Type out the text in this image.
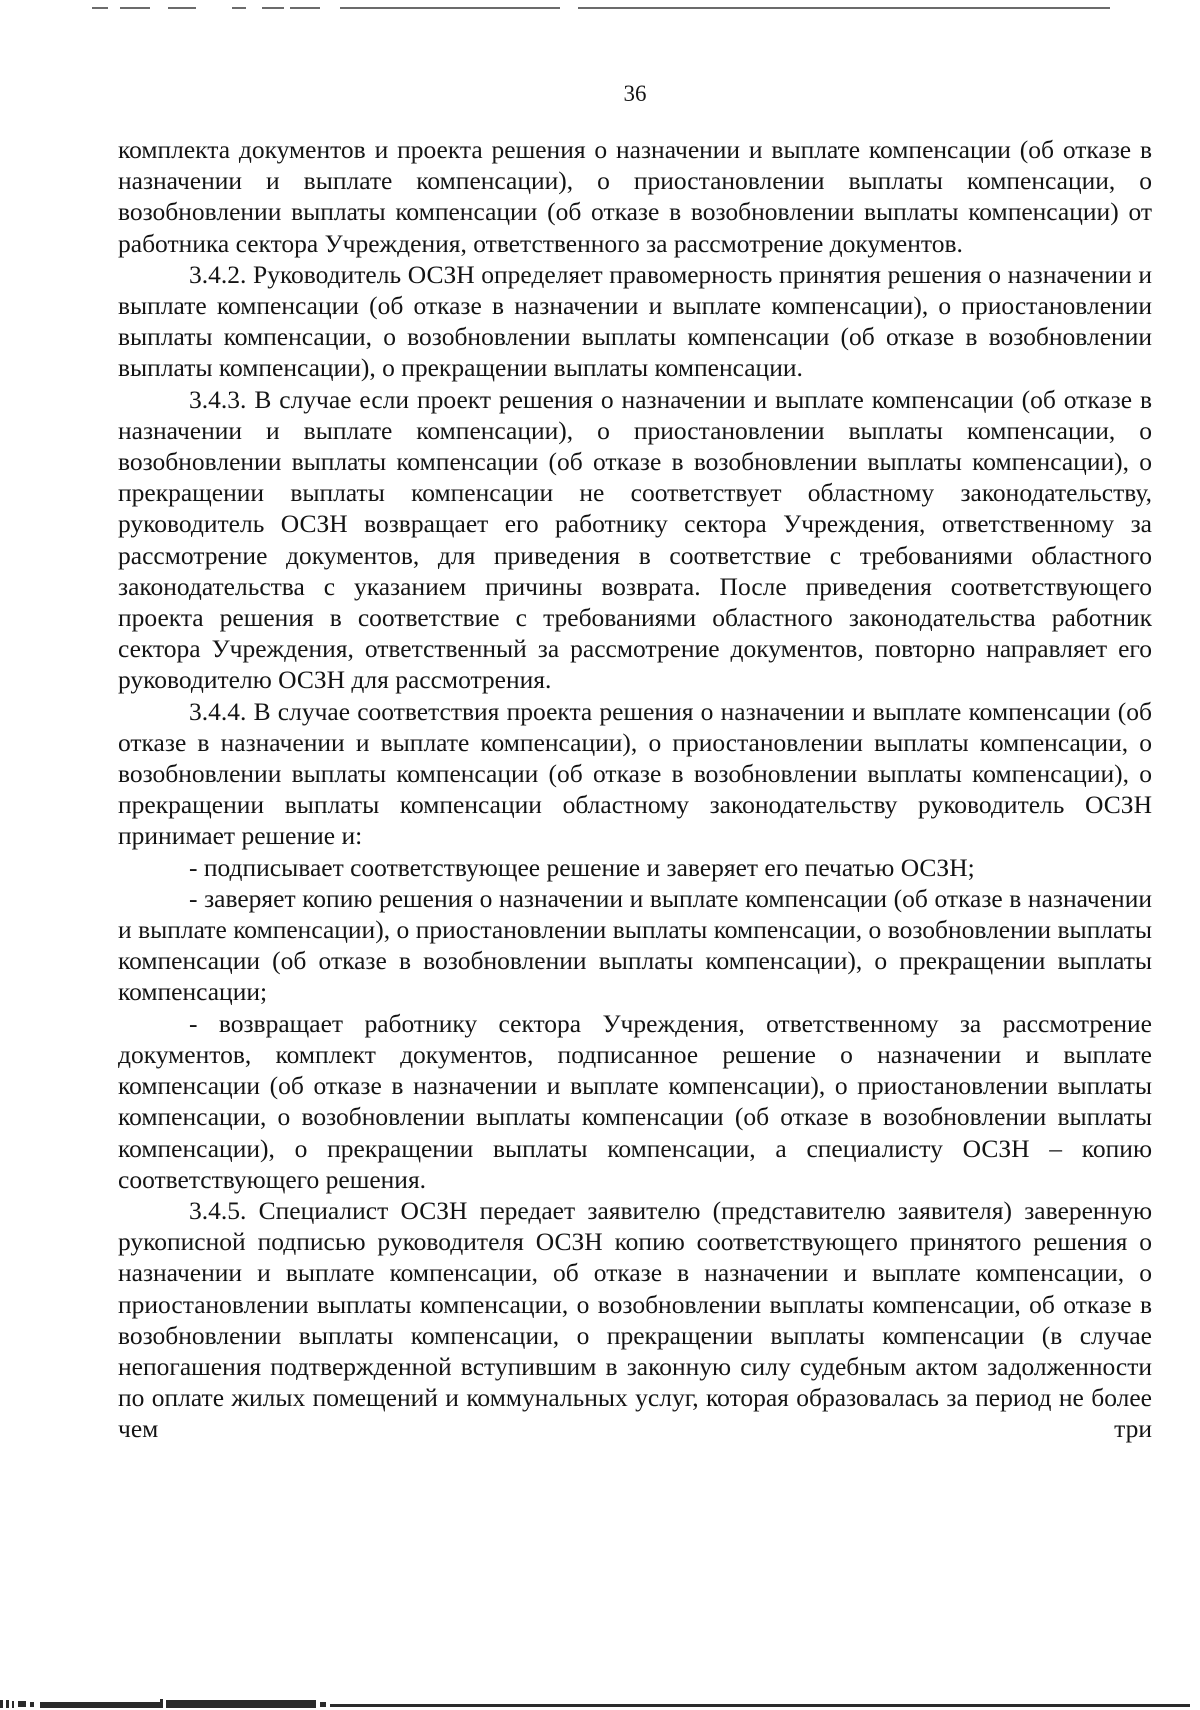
36

комплекта документов и проекта решения о назначении и выплате компенсации (об отказе в назначении и выплате компенсации), о приостановлении выплаты компенсации, о возобновлении выплаты компенсации (об отказе в возобновлении выплаты компенсации) от работника сектора Учреждения, ответственного за рассмотрение документов.

3.4.2. Руководитель ОСЗН определяет правомерность принятия решения о назначении и выплате компенсации (об отказе в назначении и выплате компенсации), о приостановлении выплаты компенсации, о возобновлении выплаты компенсации (об отказе в возобновлении выплаты компенсации), о прекращении выплаты компенсации.

3.4.3. В случае если проект решения о назначении и выплате компенсации (об отказе в назначении и выплате компенсации), о приостановлении выплаты компенсации, о возобновлении выплаты компенсации (об отказе в возобновлении выплаты компенсации), о прекращении выплаты компенсации не соответствует областному законодательству, руководитель ОСЗН возвращает его работнику сектора Учреждения, ответственному за рассмотрение документов, для приведения в соответствие с требованиями областного законодательства с указанием причины возврата. После приведения соответствующего проекта решения в соответствие с требованиями областного законодательства работник сектора Учреждения, ответственный за рассмотрение документов, повторно направляет его руководителю ОСЗН для рассмотрения.

3.4.4. В случае соответствия проекта решения о назначении и выплате компенсации (об отказе в назначении и выплате компенсации), о приостановлении выплаты компенсации, о возобновлении выплаты компенсации (об отказе в возобновлении выплаты компенсации), о прекращении выплаты компенсации областному законодательству руководитель ОСЗН принимает решение и:

- подписывает соответствующее решение и заверяет его печатью ОСЗН;

- заверяет копию решения о назначении и выплате компенсации (об отказе в назначении и выплате компенсации), о приостановлении выплаты компенсации, о возобновлении выплаты компенсации (об отказе в возобновлении выплаты компенсации), о прекращении выплаты компенсации;

- возвращает работнику сектора Учреждения, ответственному за рассмотрение документов, комплект документов, подписанное решение о назначении и выплате компенсации (об отказе в назначении и выплате компенсации), о приостановлении выплаты компенсации, о возобновлении выплаты компенсации (об отказе в возобновлении выплаты компенсации), о прекращении выплаты компенсации, а специалисту ОСЗН – копию соответствующего решения.

3.4.5. Специалист ОСЗН передает заявителю (представителю заявителя) заверенную рукописной подписью руководителя ОСЗН копию соответствующего принятого решения о назначении и выплате компенсации, об отказе в назначении и выплате компенсации, о приостановлении выплаты компенсации, о возобновлении выплаты компенсации, об отказе в возобновлении выплаты компенсации, о прекращении выплаты компенсации (в случае непогашения подтвержденной вступившим в законную силу судебным актом задолженности по оплате жилых помещений и коммунальных услуг, которая образовалась за период не более чем три
